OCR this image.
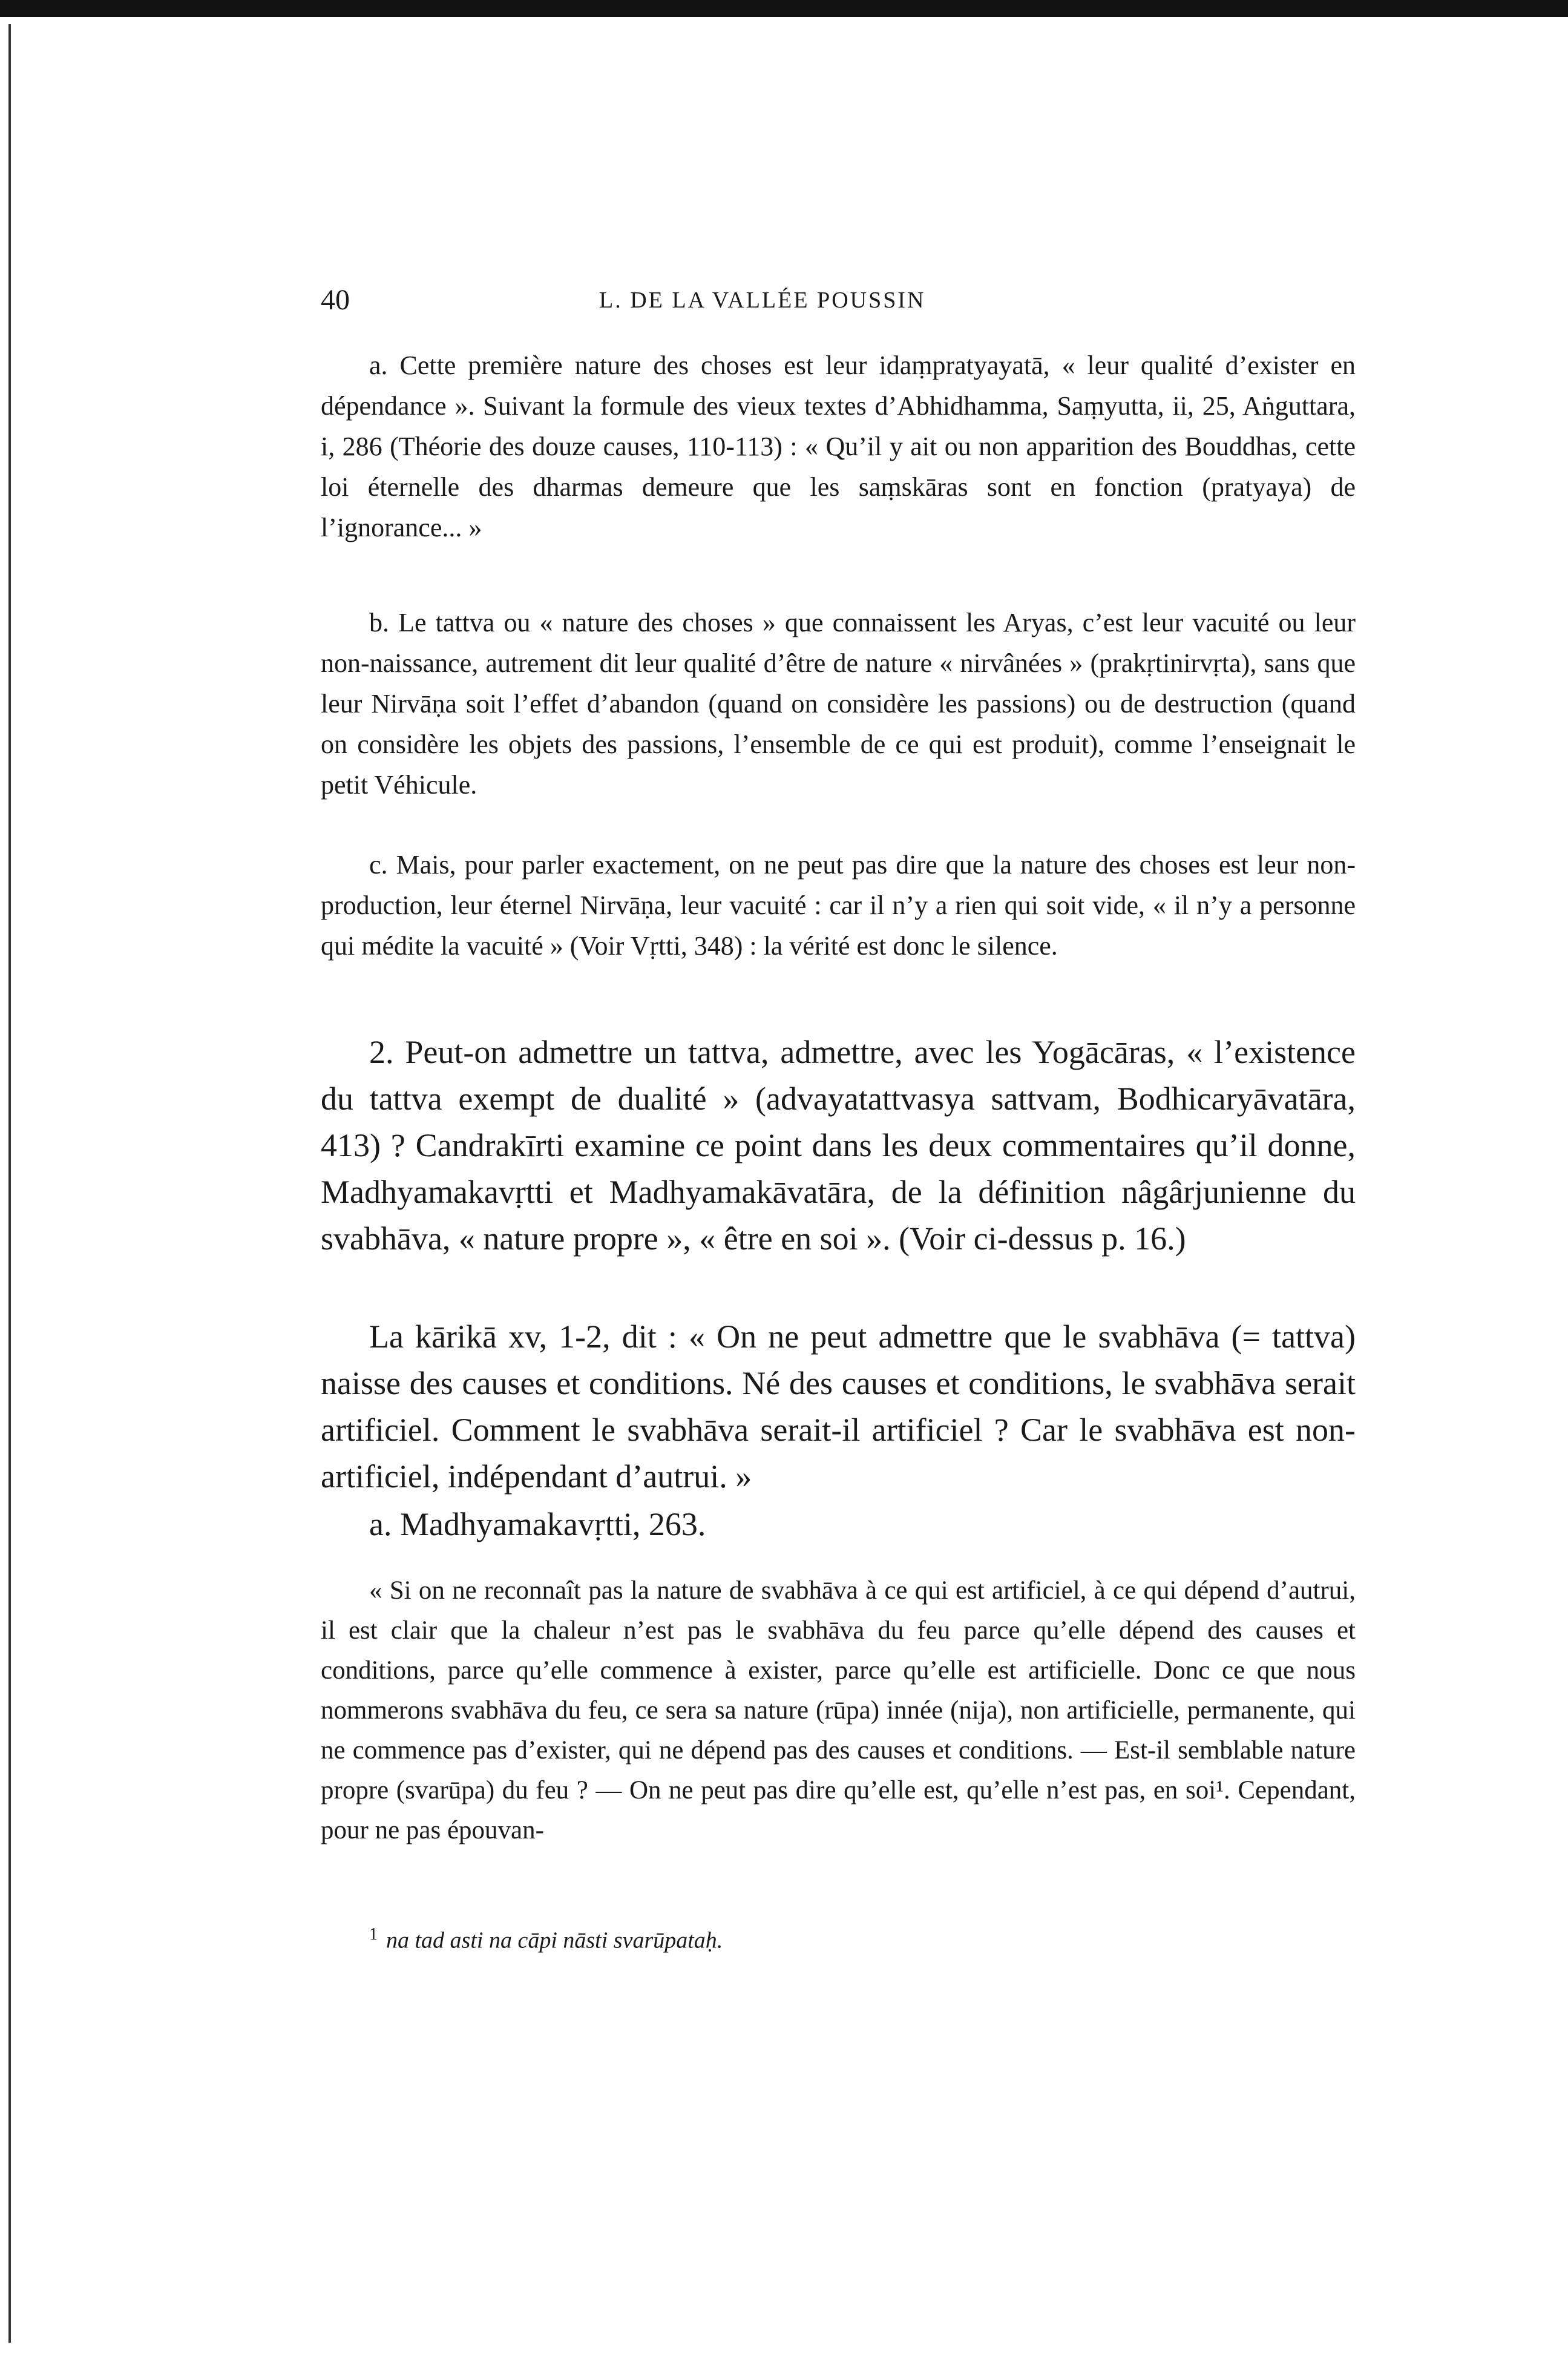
40	L. DE LA VALLÉE POUSSIN

a. Cette première nature des choses est leur idaṃpratyayatā, « leur qualité d’exister en dépendance ». Suivant la formule des vieux textes d’Abhidhamma, Saṃyutta, ii, 25, Aṅguttara, i, 286 (Théorie des douze causes, 110-113) : « Qu’il y ait ou non apparition des Bouddhas, cette loi éternelle des dharmas demeure que les saṃskāras sont en fonction (pratyaya) de l’ignorance... »

b. Le tattva ou « nature des choses » que connaissent les Aryas, c’est leur vacuité ou leur non-naissance, autrement dit leur qualité d’être de nature « nirvânées » (prakṛtinirvṛta), sans que leur Nirvāṇa soit l’effet d’abandon (quand on considère les passions) ou de destruction (quand on considère les objets des passions, l’ensemble de ce qui est produit), comme l’enseignait le petit Véhicule.

c. Mais, pour parler exactement, on ne peut pas dire que la nature des choses est leur non-production, leur éternel Nirvāṇa, leur vacuité : car il n’y a rien qui soit vide, « il n’y a personne qui médite la vacuité » (Voir Vṛtti, 348) : la vérité est donc le silence.

2. Peut-on admettre un tattva, admettre, avec les Yogācāras, « l’existence du tattva exempt de dualité » (advayatattvasya sattvam, Bodhicaryāvatāra, 413) ? Candrakīrti examine ce point dans les deux commentaires qu’il donne, Madhyamakavṛtti et Madhyamakāvatāra, de la définition nâgârjunienne du svabhāva, « nature propre », « être en soi ». (Voir ci-dessus p. 16.)

La kārikā xv, 1-2, dit : « On ne peut admettre que le svabhāva (= tattva) naisse des causes et conditions. Né des causes et conditions, le svabhāva serait artificiel. Comment le svabhāva serait-il artificiel ? Car le svabhāva est non-artificiel, indépendant d’autrui. »

a. Madhyamakavṛtti, 263.

« Si on ne reconnaît pas la nature de svabhāva à ce qui est artificiel, à ce qui dépend d’autrui, il est clair que la chaleur n’est pas le svabhāva du feu parce qu’elle dépend des causes et conditions, parce qu’elle commence à exister, parce qu’elle est artificielle. Donc ce que nous nommerons svabhāva du feu, ce sera sa nature (rūpa) innée (nija), non artificielle, permanente, qui ne commence pas d’exister, qui ne dépend pas des causes et conditions. — Est-il semblable nature propre (svarūpa) du feu ? — On ne peut pas dire qu’elle est, qu’elle n’est pas, en soi¹. Cependant, pour ne pas épouvan-

$^1$ na tad asti na cāpi nāsti svarūpataḥ.
